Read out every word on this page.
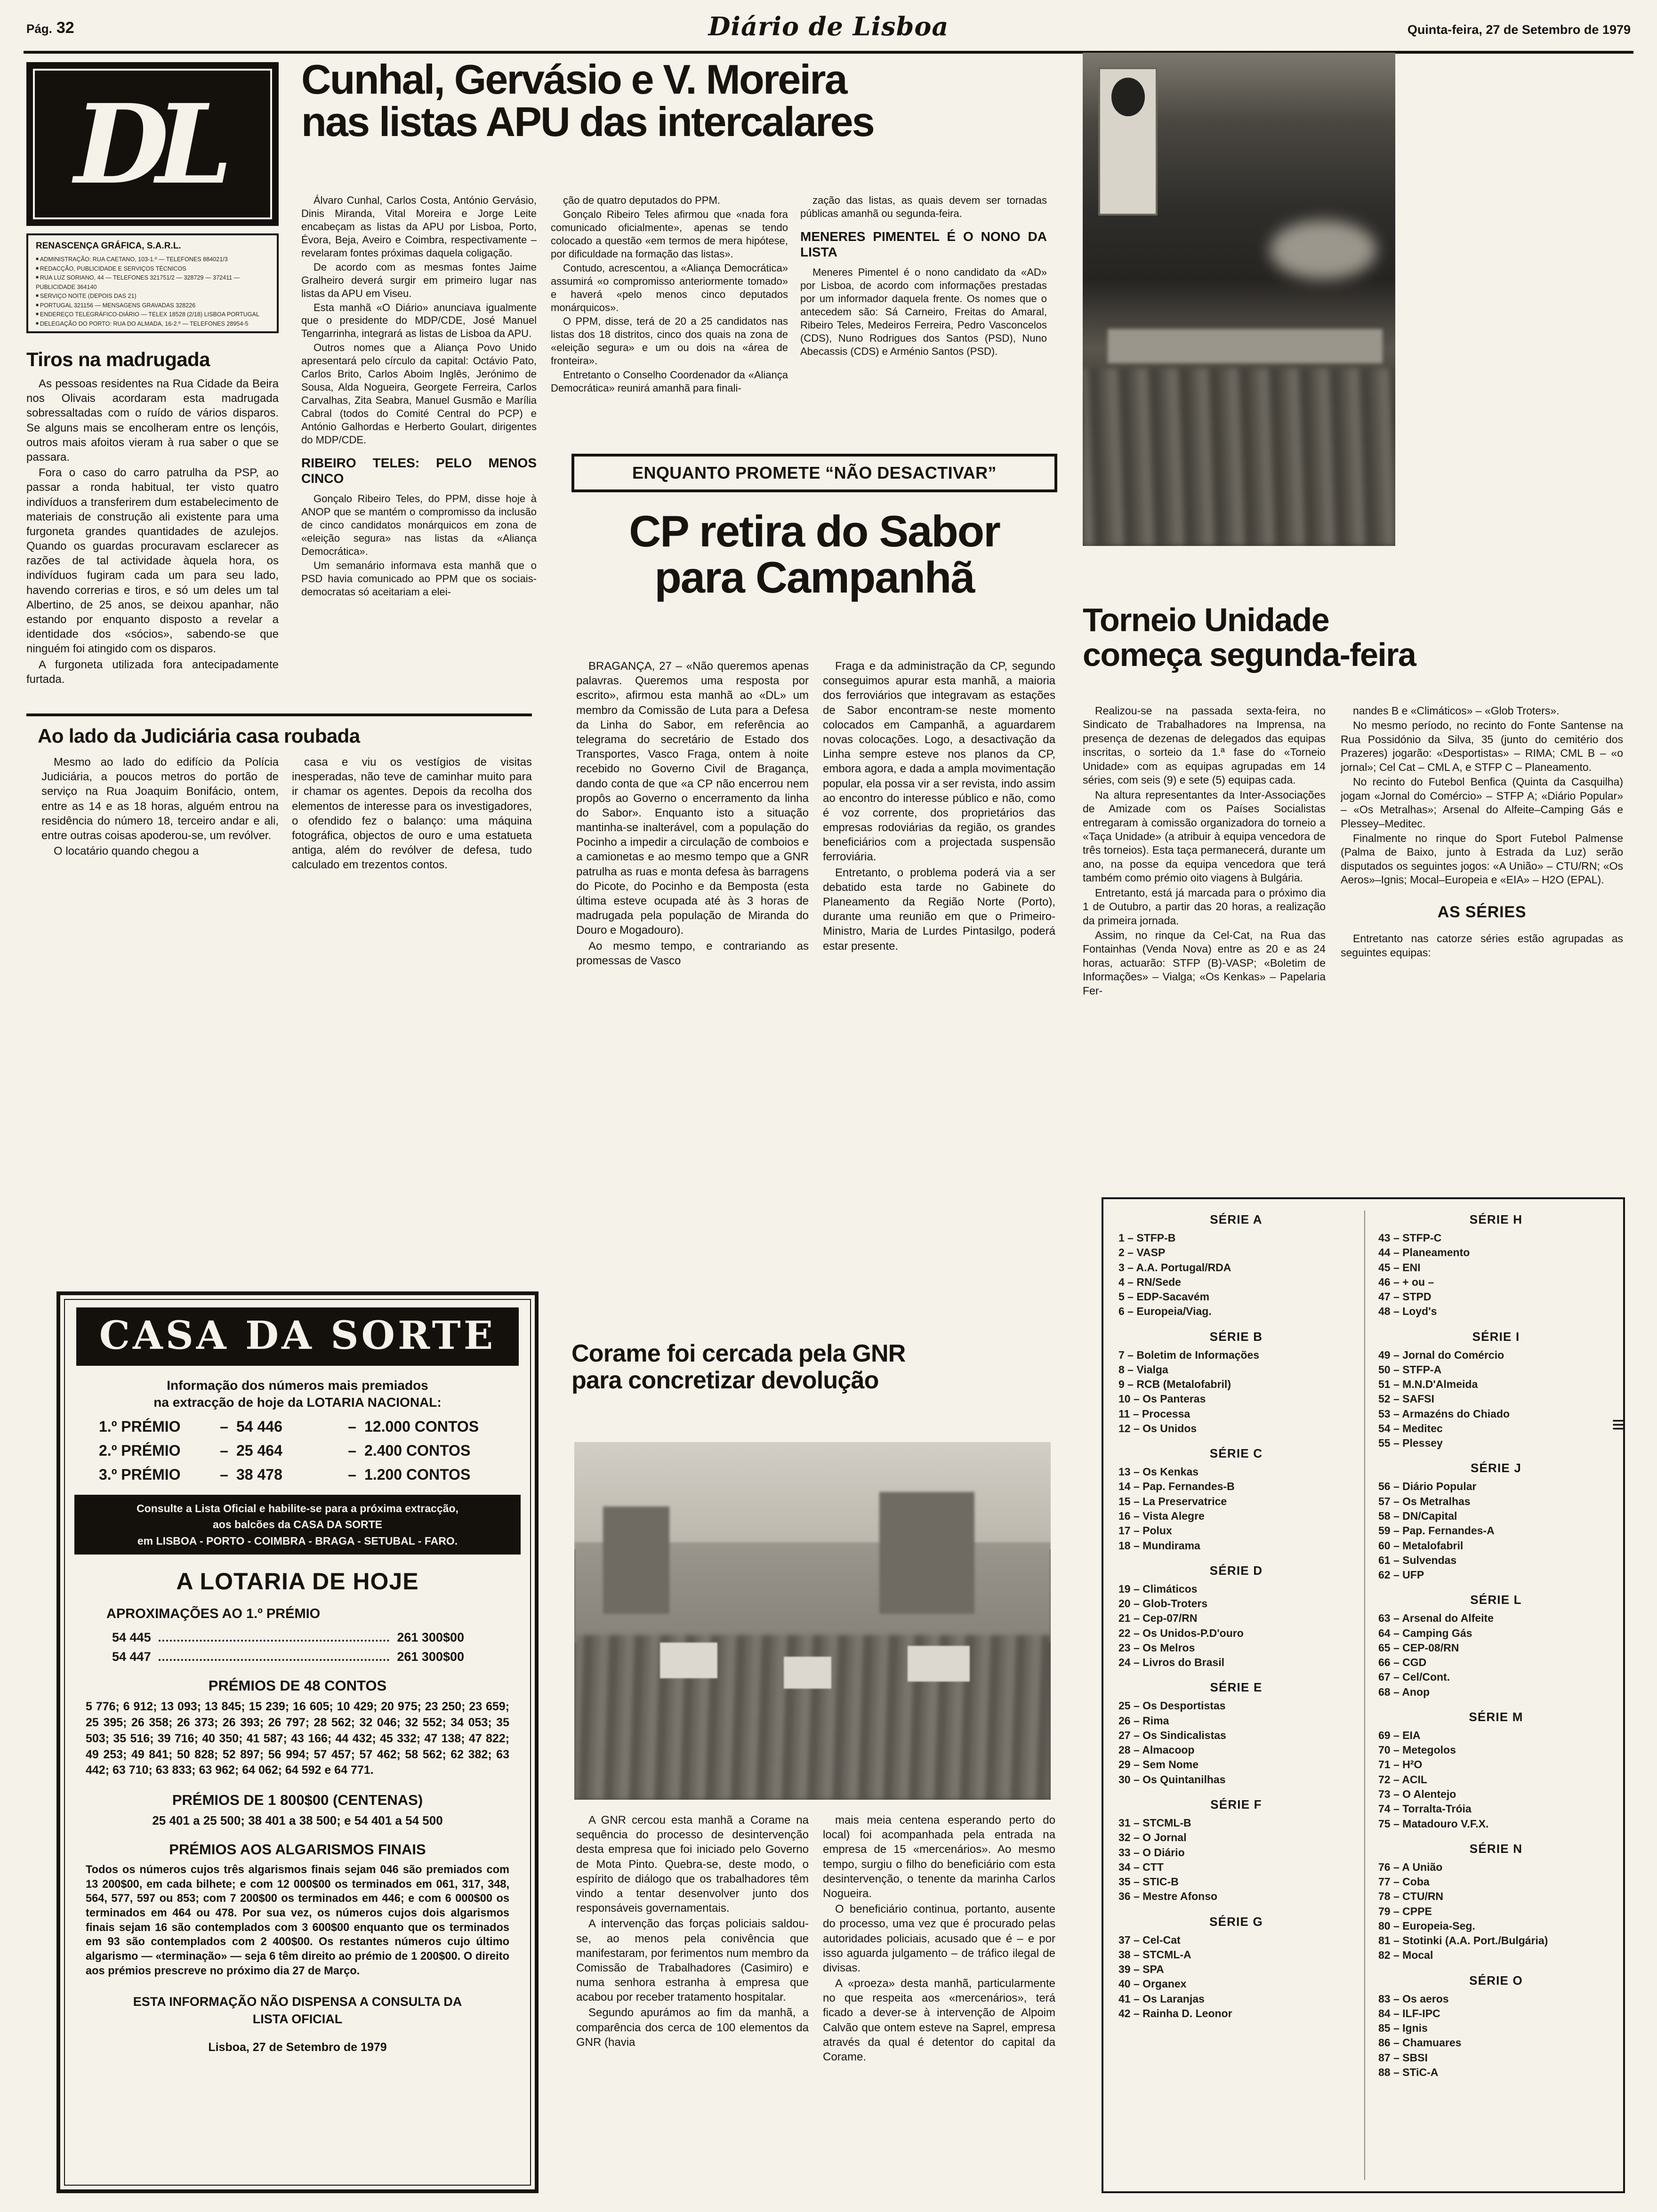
Pág. 32	Diário de Lisboa	Quinta-feira, 27 de Setembro de 1979
DL
RENASCENÇA GRÁFICA, S.A.R.L.
■ ADMINISTRAÇÃO: RUA CAETANO, 103-1.º — TELEFONES 884021/3
■ REDACÇÃO, PUBLICIDADE E SERVIÇOS TÉCNICOS
■ RUA LUZ SORIANO, 44 — TELEFONES 321751/2 — 328729 — 372411 — PUBLICIDADE 364140
■ SERVIÇO NOITE (DEPOIS DAS 21)
■ PORTUGAL 321156 — MENSAGENS GRAVADAS 328226
■ ENDEREÇO TELEGRÁFICO-DIÁRIO — TELEX 18528 (2/18) LISBOA PORTUGAL
■ DELEGAÇÃO DO PORTO: RUA DO ALMADA, 16-2.º — TELEFONES 28954-5
Tiros na madrugada
As pessoas residentes na Rua Cidade da Beira nos Olivais acordaram esta madrugada sobressaltadas com o ruído de vários disparos. Se alguns mais se encolheram entre os lençóis, outros mais afoitos vieram à rua saber o que se passara.
Fora o caso do carro patrulha da PSP, ao passar a ronda habitual, ter visto quatro indivíduos a transferirem dum estabelecimento de materiais de construção ali existente para uma furgoneta grandes quantidades de azulejos. Quando os guardas procuravam esclarecer as razões de tal actividade àquela hora, os indivíduos fugiram cada um para seu lado, havendo correrias e tiros, e só um deles um tal Albertino, de 25 anos, se deixou apanhar, não estando por enquanto disposto a revelar a identidade dos «sócios», sabendo-se que ninguém foi atingido com os disparos.
A furgoneta utilizada fora antecipadamente furtada.
Ao lado da Judiciária casa roubada
Mesmo ao lado do edifício da Polícia Judiciária, a poucos metros do portão de serviço na Rua Joaquim Bonifácio, ontem, entre as 14 e as 18 horas, alguém entrou na residência do número 18, terceiro andar e ali, entre outras coisas apoderou-se, um revólver.
O locatário quando chegou a
casa e viu os vestígios de visitas inesperadas, não teve de caminhar muito para ir chamar os agentes. Depois da recolha dos elementos de interesse para os investigadores, o ofendido fez o balanço: uma máquina fotográfica, objectos de ouro e uma estatueta antiga, além do revólver de defesa, tudo calculado em trezentos contos.
Cunhal, Gervásio e V. Moreira
nas listas APU das intercalares
Álvaro Cunhal, Carlos Costa, António Gervásio, Dinis Miranda, Vital Moreira e Jorge Leite encabeçam as listas da APU por Lisboa, Porto, Évora, Beja, Aveiro e Coimbra, respectivamente – revelaram fontes próximas daquela coligação.
De acordo com as mesmas fontes Jaime Gralheiro deverá surgir em primeiro lugar nas listas da APU em Viseu.
Esta manhã «O Diário» anunciava igualmente que o presidente do MDP/CDE, José Manuel Tengarrinha, integrará as listas de Lisboa da APU.
Outros nomes que a Aliança Povo Unido apresentará pelo círculo da capital: Octávio Pato, Carlos Brito, Carlos Aboim Inglês, Jerónimo de Sousa, Alda Nogueira, Georgete Ferreira, Carlos Carvalhas, Zita Seabra, Manuel Gusmão e Marília Cabral (todos do Comité Central do PCP) e António Galhordas e Herberto Goulart, dirigentes do MDP/CDE.
RIBEIRO TELES: PELO MENOS CINCO
Gonçalo Ribeiro Teles, do PPM, disse hoje à ANOP que se mantém o compromisso da inclusão de cinco candidatos monárquicos em zona de «eleição segura» nas listas da «Aliança Democrática».
Um semanário informava esta manhã que o PSD havia comunicado ao PPM que os sociais-democratas só aceitariam a elei-
ção de quatro deputados do PPM.
Gonçalo Ribeiro Teles afirmou que «nada fora comunicado oficialmente», apenas se tendo colocado a questão «em termos de mera hipótese, por dificuldade na formação das listas».
Contudo, acrescentou, a «Aliança Democrática» assumirá «o compromisso anteriormente tomado» e haverá «pelo menos cinco deputados monárquicos».
O PPM, disse, terá de 20 a 25 candidatos nas listas dos 18 distritos, cinco dos quais na zona de «eleição segura» e um ou dois na «área de fronteira».
Entretanto o Conselho Coordenador da «Aliança Democrática» reunirá amanhã para finali-
zação das listas, as quais devem ser tornadas públicas amanhã ou segunda-feira.
MENERES PIMENTEL É O NONO DA LISTA
Meneres Pimentel é o nono candidato da «AD» por Lisboa, de acordo com informações prestadas por um informador daquela frente. Os nomes que o antecedem são: Sá Carneiro, Freitas do Amaral, Ribeiro Teles, Medeiros Ferreira, Pedro Vasconcelos (CDS), Nuno Rodrigues dos Santos (PSD), Nuno Abecassis (CDS) e Arménio Santos (PSD).
ENQUANTO PROMETE “NÃO DESACTIVAR”
CP retira do Sabor
para Campanhã
BRAGANÇA, 27 – «Não queremos apenas palavras. Queremos uma resposta por escrito», afirmou esta manhã ao «DL» um membro da Comissão de Luta para a Defesa da Linha do Sabor, em referência ao telegrama do secretário de Estado dos Transportes, Vasco Fraga, ontem à noite recebido no Governo Civil de Bragança, dando conta de que «a CP não encerrou nem propôs ao Governo o encerramento da linha do Sabor». Enquanto isto a situação mantinha-se inalterável, com a população do Pocinho a impedir a circulação de comboios e a camionetas e ao mesmo tempo que a GNR patrulha as ruas e monta defesa às barragens do Picote, do Pocinho e da Bemposta (esta última esteve ocupada até às 3 horas de madrugada pela população de Miranda do Douro e Mogadouro).
Ao mesmo tempo, e contrariando as promessas de Vasco
Fraga e da administração da CP, segundo conseguimos apurar esta manhã, a maioria dos ferroviários que integravam as estações de Sabor encontram-se neste momento colocados em Campanhã, a aguardarem novas colocações. Logo, a desactivação da Linha sempre esteve nos planos da CP, embora agora, e dada a ampla movimentação popular, ela possa vir a ser revista, indo assim ao encontro do interesse público e não, como é voz corrente, dos proprietários das empresas rodoviárias da região, os grandes beneficiários com a projectada suspensão ferroviária.
Entretanto, o problema poderá via a ser debatido esta tarde no Gabinete do Planeamento da Região Norte (Porto), durante uma reunião em que o Primeiro-Ministro, Maria de Lurdes Pintasilgo, poderá estar presente.
Corame foi cercada pela GNR
para concretizar devolução
A GNR cercou esta manhã a Corame na sequência do processo de desintervenção desta empresa que foi iniciado pelo Governo de Mota Pinto. Quebra-se, deste modo, o espírito de diálogo que os trabalhadores têm vindo a tentar desenvolver junto dos responsáveis governamentais.
A intervenção das forças policiais saldou-se, ao menos pela conivência que manifestaram, por ferimentos num membro da Comissão de Trabalhadores (Casimiro) e numa senhora estranha à empresa que acabou por receber tratamento hospitalar.
Segundo apurámos ao fim da manhã, a comparência dos cerca de 100 elementos da GNR (havia
mais meia centena esperando perto do local) foi acompanhada pela entrada na empresa de 15 «mercenários». Ao mesmo tempo, surgiu o filho do beneficiário com esta desintervenção, o tenente da marinha Carlos Nogueira.
O beneficiário continua, portanto, ausente do processo, uma vez que é procurado pelas autoridades policiais, acusado que é – e por isso aguarda julgamento – de tráfico ilegal de divisas.
A «proeza» desta manhã, particularmente no que respeita aos «mercenários», terá ficado a dever-se à intervenção de Alpoim Calvão que ontem esteve na Saprel, empresa através da qual é detentor do capital da Corame.
Torneio Unidade
começa segunda-feira
Realizou-se na passada sexta-feira, no Sindicato de Trabalhadores na Imprensa, na presença de dezenas de delegados das equipas inscritas, o sorteio da 1.ª fase do «Torneio Unidade» com as equipas agrupadas em 14 séries, com seis (9) e sete (5) equipas cada.
Na altura representantes da Inter-Associações de Amizade com os Países Socialistas entregaram à comissão organizadora do torneio a «Taça Unidade» (a atribuir à equipa vencedora de três torneios). Esta taça permanecerá, durante um ano, na posse da equipa vencedora que terá também como prémio oito viagens à Bulgária.
Entretanto, está já marcada para o próximo dia 1 de Outubro, a partir das 20 horas, a realização da primeira jornada.
Assim, no rinque da Cel-Cat, na Rua das Fontainhas (Venda Nova) entre as 20 e as 24 horas, actuarão: STFP (B)-VASP; «Boletim de Informações» – Vialga; «Os Kenkas» – Papelaria Fer-
nandes B e «Climáticos» – «Glob Troters».
No mesmo período, no recinto do Fonte Santense na Rua Possidónio da Silva, 35 (junto do cemitério dos Prazeres) jogarão: «Desportistas» – RIMA; CML B – «o jornal»; Cel Cat – CML A, e STFP C – Planeamento.
No recinto do Futebol Benfica (Quinta da Casquilha) jogam «Jornal do Comércio» – STFP A; «Diário Popular» – «Os Metralhas»; Arsenal do Alfeite–Camping Gás e Plessey–Meditec.
Finalmente no rinque do Sport Futebol Palmense (Palma de Baixo, junto à Estrada da Luz) serão disputados os seguintes jogos: «A União» – CTU/RN; «Os Aeros»–Ignis; Mocal–Europeia e «EIA» – H2O (EPAL).
AS SÉRIES
Entretanto nas catorze séries estão agrupadas as seguintes equipas:
SÉRIE A
1 – STFP-B
2 – VASP
3 – A.A. Portugal/RDA
4 – RN/Sede
5 – EDP-Sacavém
6 – Europeia/Viag.
SÉRIE B
7 – Boletim de Informações
8 – Vialga
9 – RCB (Metalofabril)
10 – Os Panteras
11 – Processa
12 – Os Unidos
SÉRIE C
13 – Os Kenkas
14 – Pap. Fernandes-B
15 – La Preservatrice
16 – Vista Alegre
17 – Polux
18 – Mundirama
SÉRIE D
19 – Climáticos
20 – Glob-Troters
21 – Cep-07/RN
22 – Os Unidos-P.D'ouro
23 – Os Melros
24 – Livros do Brasil
SÉRIE E
25 – Os Desportistas
26 – Rima
27 – Os Sindicalistas
28 – Almacoop
29 – Sem Nome
30 – Os Quintanilhas
SÉRIE F
31 – STCML-B
32 – O Jornal
33 – O Diário
34 – CTT
35 – STIC-B
36 – Mestre Afonso
SÉRIE G
37 – Cel-Cat
38 – STCML-A
39 – SPA
40 – Organex
41 – Os Laranjas
42 – Rainha D. Leonor
SÉRIE H
43 – STFP-C
44 – Planeamento
45 – ENI
46 – + ou –
47 – STPD
48 – Loyd's
SÉRIE I
49 – Jornal do Comércio
50 – STFP-A
51 – M.N.D'Almeida
52 – SAFSI
53 – Armazéns do Chiado
54 – Meditec
55 – Plessey
SÉRIE J
56 – Diário Popular
57 – Os Metralhas
58 – DN/Capital
59 – Pap. Fernandes-A
60 – Metalofabril
61 – Sulvendas
62 – UFP
SÉRIE L
63 – Arsenal do Alfeite
64 – Camping Gás
65 – CEP-08/RN
66 – CGD
67 – Cel/Cont.
68 – Anop
SÉRIE M
69 – EIA
70 – Metegolos
71 – H²O
72 – ACIL
73 – O Alentejo
74 – Torralta-Tróia
75 – Matadouro V.F.X.
SÉRIE N
76 – A União
77 – Coba
78 – CTU/RN
79 – CPPE
80 – Europeia-Seg.
81 – Stotinki (A.A. Port./Bulgária)
82 – Mocal
SÉRIE O
83 – Os aeros
84 – ILF-IPC
85 – Ignis
86 – Chamuares
87 – SBSI
88 – STiC-A
CASA DA SORTE
Informação dos números mais premiados
na extracção de hoje da LOTARIA NACIONAL:
1.º PRÉMIO	–	54 446	–	12.000 CONTOS
2.º PRÉMIO	–	25 464	–	2.400 CONTOS
3.º PRÉMIO	–	38 478	–	1.200 CONTOS
Consulte a Lista Oficial e habilite-se para a próxima extracção,
aos balcões da CASA DA SORTE
em LISBOA - PORTO - COIMBRA - BRAGA - SETUBAL - FARO.
A LOTARIA DE HOJE
APROXIMAÇÕES AO 1.º PRÉMIO
54 445	261 300$00
54 447	261 300$00
PRÉMIOS DE 48 CONTOS
5 776; 6 912; 13 093; 13 845; 15 239; 16 605; 10 429; 20 975; 23 250; 23 659; 25 395; 26 358; 26 373; 26 393; 26 797; 28 562; 32 046; 32 552; 34 053; 35 503; 35 516; 39 716; 40 350; 41 587; 43 166; 44 432; 45 332; 47 138; 47 822; 49 253; 49 841; 50 828; 52 897; 56 994; 57 457; 57 462; 58 562; 62 382; 63 442; 63 710; 63 833; 63 962; 64 062; 64 592 e 64 771.
PRÉMIOS DE 1 800$00 (CENTENAS)
25 401 a 25 500; 38 401 a 38 500; e 54 401 a 54 500
PRÉMIOS AOS ALGARISMOS FINAIS
Todos os números cujos três algarismos finais sejam 046 são premiados com 13 200$00, em cada bilhete; e com 12 000$00 os terminados em 061, 317, 348, 564, 577, 597 ou 853; com 7 200$00 os terminados em 446; e com 6 000$00 os terminados em 464 ou 478. Por sua vez, os números cujos dois algarismos finais sejam 16 são contemplados com 3 600$00 enquanto que os terminados em 93 são contemplados com 2 400$00. Os restantes números cujo último algarismo — «terminação» — seja 6 têm direito ao prémio de 1 200$00. O direito aos prémios prescreve no próximo dia 27 de Março.
ESTA INFORMAÇÃO NÃO DISPENSA A CONSULTA DA LISTA OFICIAL
Lisboa, 27 de Setembro de 1979
≡
